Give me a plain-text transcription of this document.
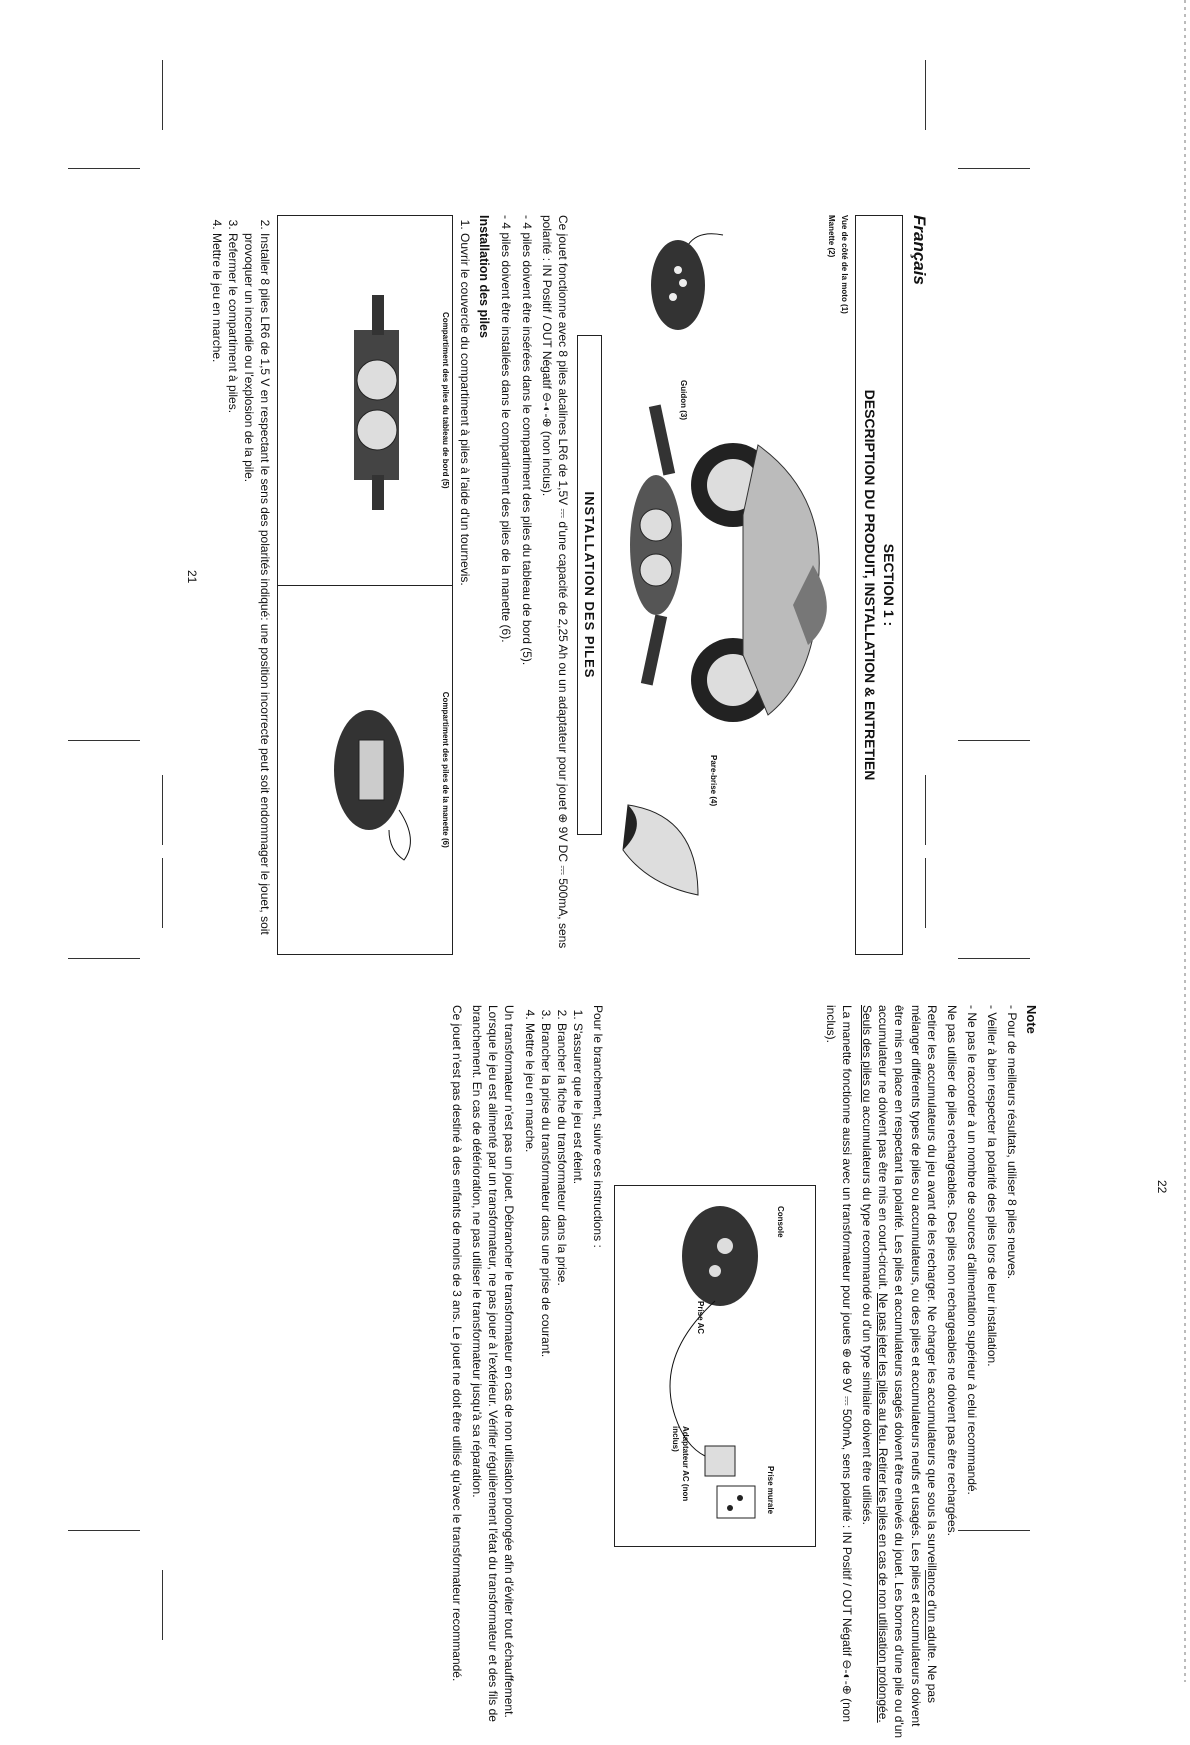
Français
SECTION 1 :
DESCRIPTION DU PRODUIT, INSTALLATION & ENTRETIEN
Vue de côté de la moto (1)
Manette (2)
Guidon (3)
Pare-brise (4)
INSTALLATION DES PILES

Ce jouet fonctionne avec 8 piles alcalines LR6 de 1,5V ⎓ d'une capacité de 2,25 Ah ou un adaptateur pour jouet ⊕ 9V DC ⎓ 500mA, sens polarité : IN Positif / OUT Négatif ⊖-◐-⊕ (non inclus).

- 4 piles doivent être insérées dans le compartiment des piles du tableau de bord (5).

- 4 piles doivent être installées dans le compartiment des piles de la manette (6).

Installation des piles
1. Ouvrir le couvercle du compartiment à piles à l'aide d'un tournevis.
Compartiment des piles du tableau de bord (5)

Compartiment des piles de la manette (6)
2. Installer 8 piles LR6 de 1,5 V en respectant le sens des polarités indiqué: une position incorrecte peut soit endommager le jouet, soit provoquer un incendie ou l'explosion de la pile.
3. Refermer le compartiment à piles.
4. Mettre le jeu en marche.
21
Note

- Pour de meilleurs résultats, utiliser 8 piles neuves.

- Veiller à bien respecter la polarité des piles lors de leur installation.

- Ne pas le raccorder à un nombre de sources d'alimentation supérieur à celui recommandé.

Ne pas utiliser de piles rechargeables. Des piles non rechargeables ne doivent pas être rechargées.

Retirer les accumulateurs du jeu avant de les recharger. Ne charger les accumulateurs que sous la surveillance d'un adulte. Ne pas mélanger différents types de piles ou accumulateurs, ou des piles et accumulateurs neufs et usagés. Les piles et accumulateurs doivent être mis en place en respectant la polarité. Les piles et accumulateurs usagés doivent être enlevés du jouet. Les bornes d'une pile ou d'un accumulateur ne doivent pas être mis en court-circuit. Ne pas jeter les piles au feu. Retirer les piles en cas de non utilisation prolongée. Seuls des piles ou accumulateurs du type recommandé ou d'un type similaire doivent être utilisés.

La manette fonctionne aussi avec un transformateur pour jouets ⊕ de 9V ⎓ 500mA, sens polarité : IN Positif / OUT Négatif ⊖-◐-⊕ (non inclus).

Console
Prise AC
Prise murale
Adaptateur AC (non inclus)

Pour le branchement, suivre ces instructions :

1. S'assurer que le jeu est éteint.
2. Brancher la fiche du transformateur dans la prise.
3. Brancher la prise du transformateur dans une prise de courant.
4. Mettre le jeu en marche.

Un transformateur n'est pas un jouet. Débrancher le transformateur en cas de non utilisation prolongée afin d'éviter tout échauffement. Lorsque le jeu est alimenté par un transformateur, ne pas jouer à l'extérieur. Vérifier régulièrement l'état du transformateur et des fils de branchement. En cas de détérioration, ne pas utiliser le transformateur jusqu'à sa réparation.

Ce jouet n'est pas destiné à des enfants de moins de 3 ans. Le jouet ne doit être utilisé qu'avec le transformateur recommandé.	22
